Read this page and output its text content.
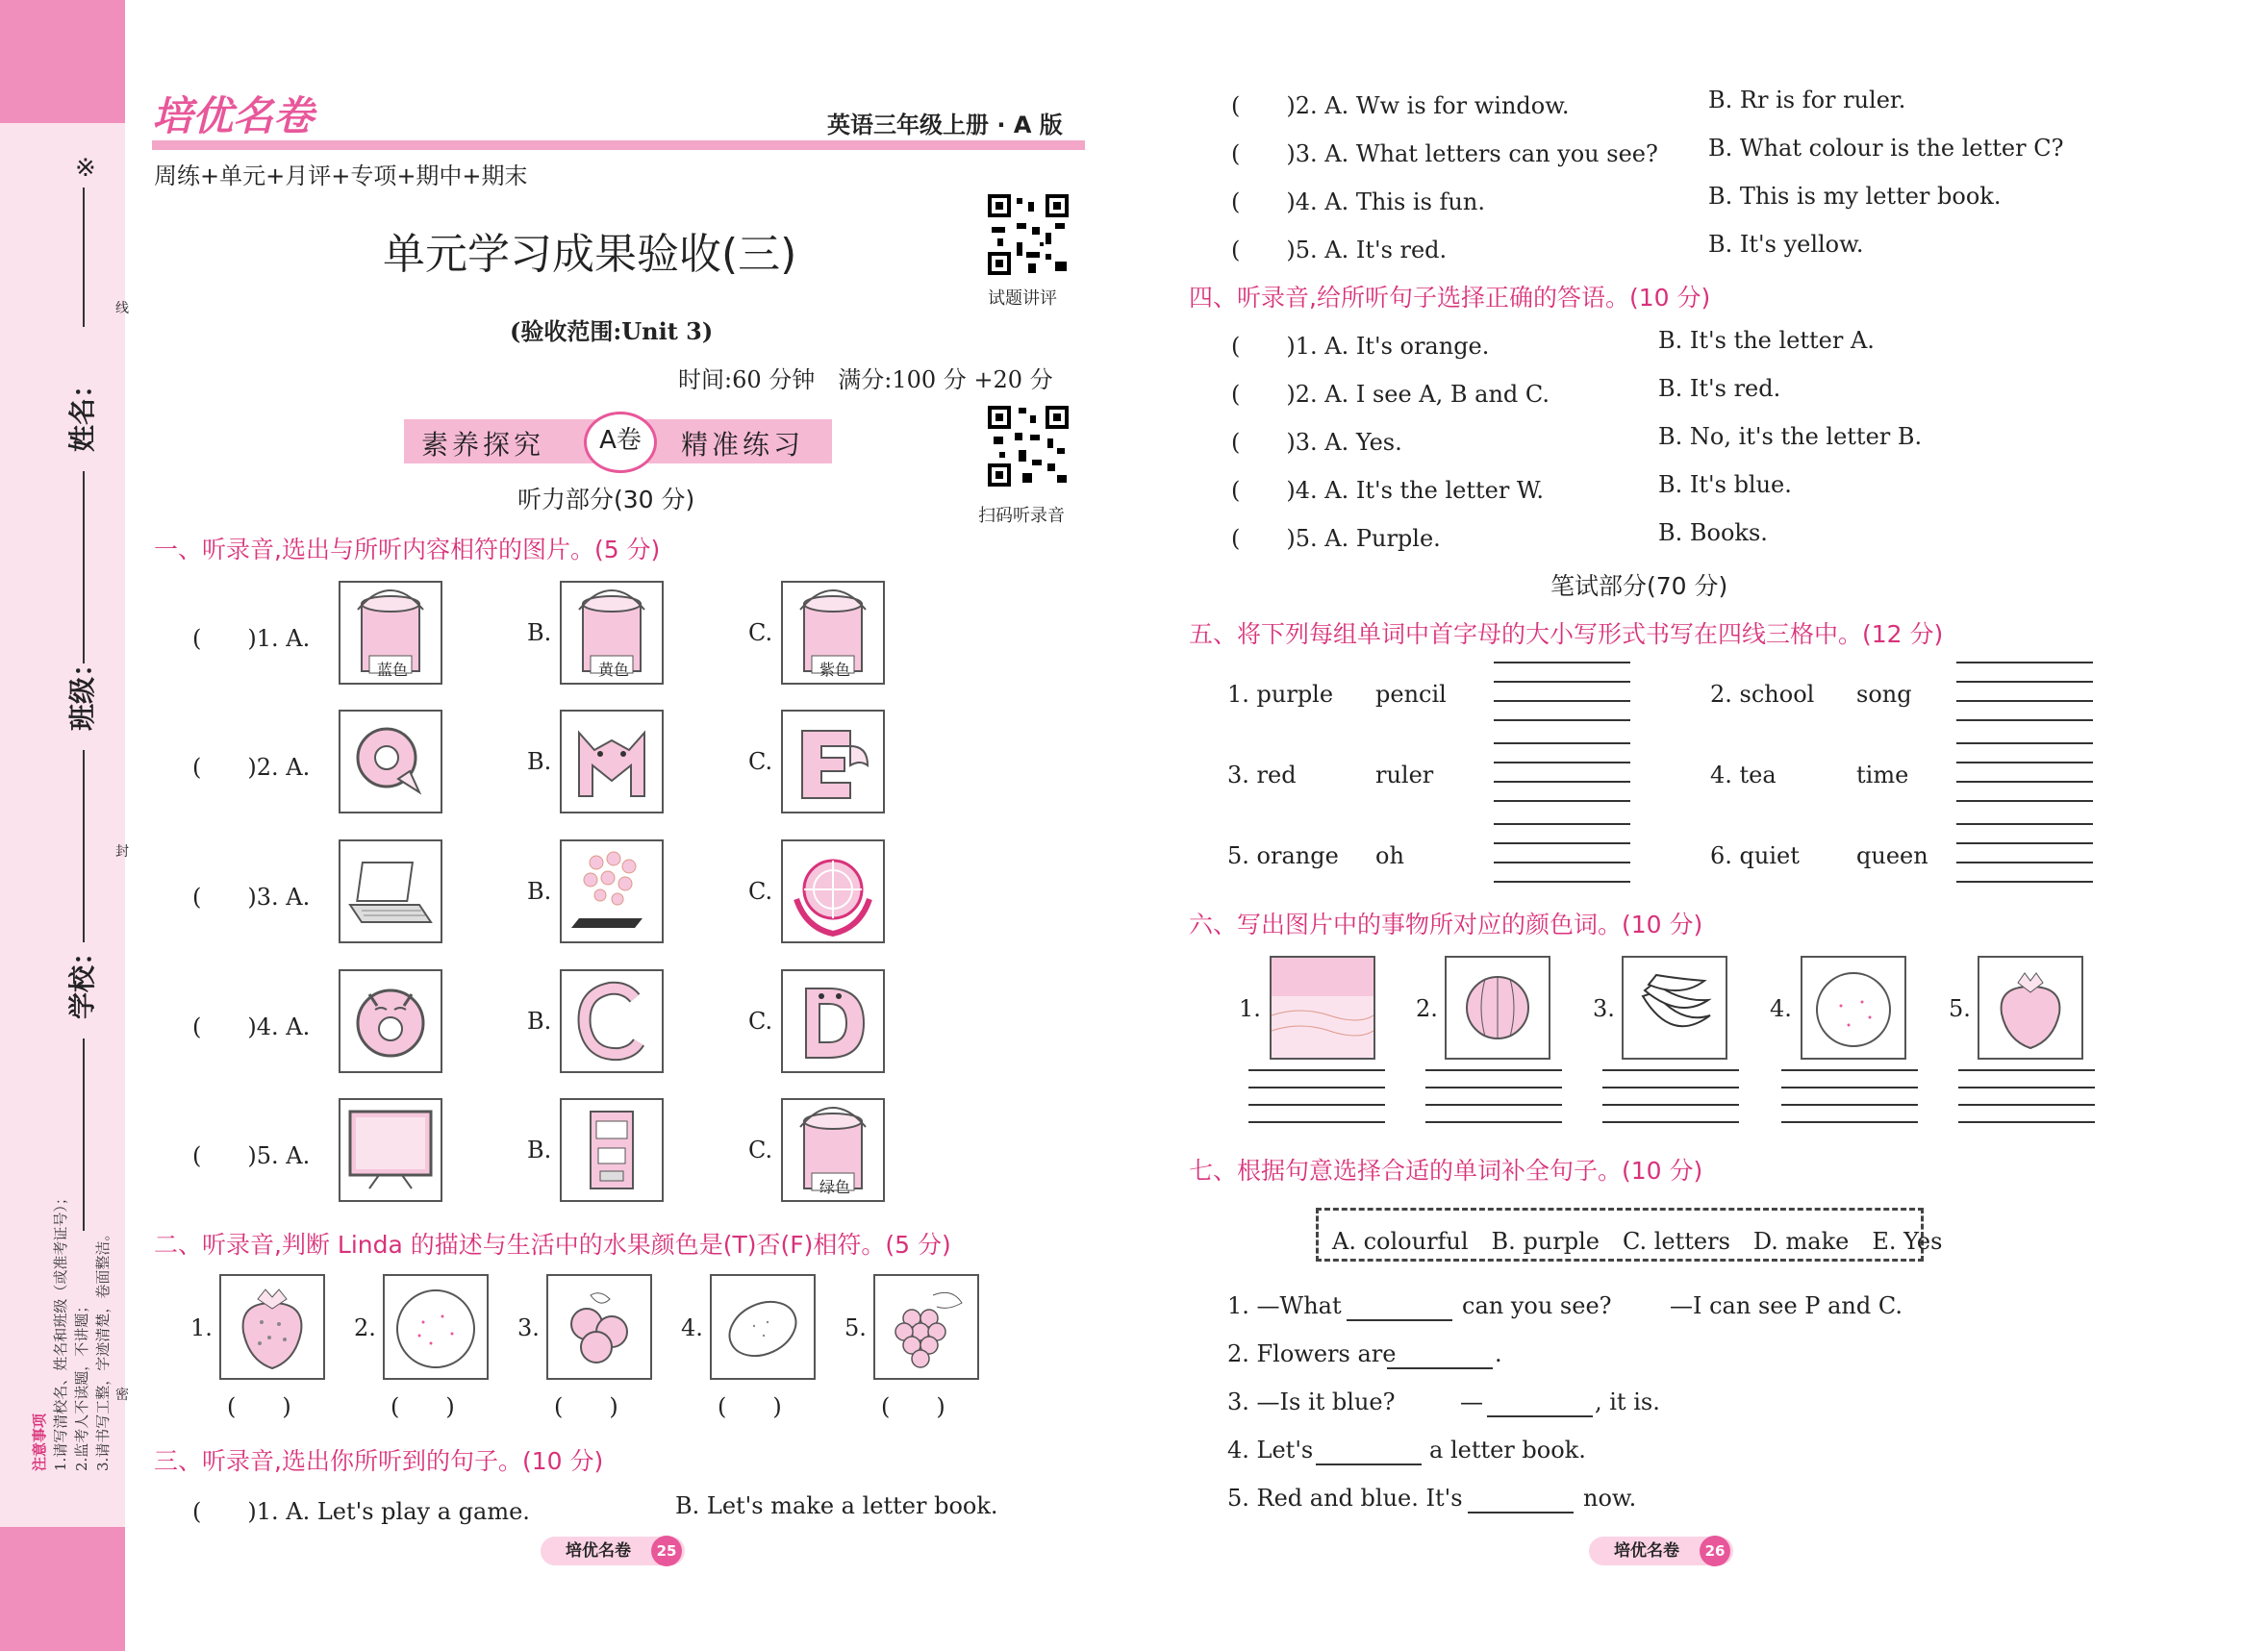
※
姓名：
线
班级：
封
学校：
密
注意事项 1.请写清校名、姓名和班级（或准考证号）； 2.监考人不读题，不讲题； 3.请书写工整，字迹清楚，卷面整洁。
培优名卷	英语三年级上册 · A 版
周练+单元+月评+专项+期中+期末
试题讲评
扫码听录音
单元学习成果验收(三)
(验收范围:Unit 3)
时间:60 分钟　满分:100 分 +20 分
素养探究	A卷	精准练习
听力部分(30 分)
一、听录音,选出与所听内容相符的图片。(5 分)
(　　)1. A.
蓝色
B.
黄色
C.
紫色
(　　)2. A.	B.	C.
(　　)3. A.	B.	C.
(　　)4. A.	B.	C.
(　　)5. A.	B.	C.
绿色
二、听录音,判断 Linda 的描述与生活中的水果颜色是(T)否(F)相符。(5 分)
1.
(　　)
2.
(　　)
3.
(　　)
4.
(　　)
5.
(　　)
三、听录音,选出你所听到的句子。(10 分)
(　　)1. A. Let's play a game.	B. Let's make a letter book.
培优名卷	25
(　　)2. A. Ww is for window.	B. Rr is for ruler.
(　　)3. A. What letters can you see? B. What colour is the letter C?
(　　)4. A. This is fun.	B. This is my letter book.
(　　)5. A. It's red.	B. It's yellow.
四、听录音,给所听句子选择正确的答语。(10 分)
(　　)1. A. It's orange.	B. It's the letter A.
(　　)2. A. I see A, B and C.	B. It's red.
(　　)3. A. Yes.	B. No, it's the letter B.
(　　)4. A. It's the letter W.	B. It's blue.
(　　)5. A. Purple.	B. Books.
笔试部分(70 分)
五、将下列每组单词中首字母的大小写形式书写在四线三格中。(12 分)
1. purple pencil	2. school song
3. red	ruler	4. tea	time
5. orange oh	6. quiet queen
六、写出图片中的事物所对应的颜色词。(10 分)
1.	2.	3.	4.	5.
七、根据句意选择合适的单词补全句子。(10 分)
A. colourful　B. purple　C. letters　D. make　E. Yes
1. —What	can you see?	—I can see P and C.
2. Flowers are	.
3. —Is it blue?	—	, it is.
4. Let's	a letter book.
5. Red and blue. It's	now.
培优名卷	26
